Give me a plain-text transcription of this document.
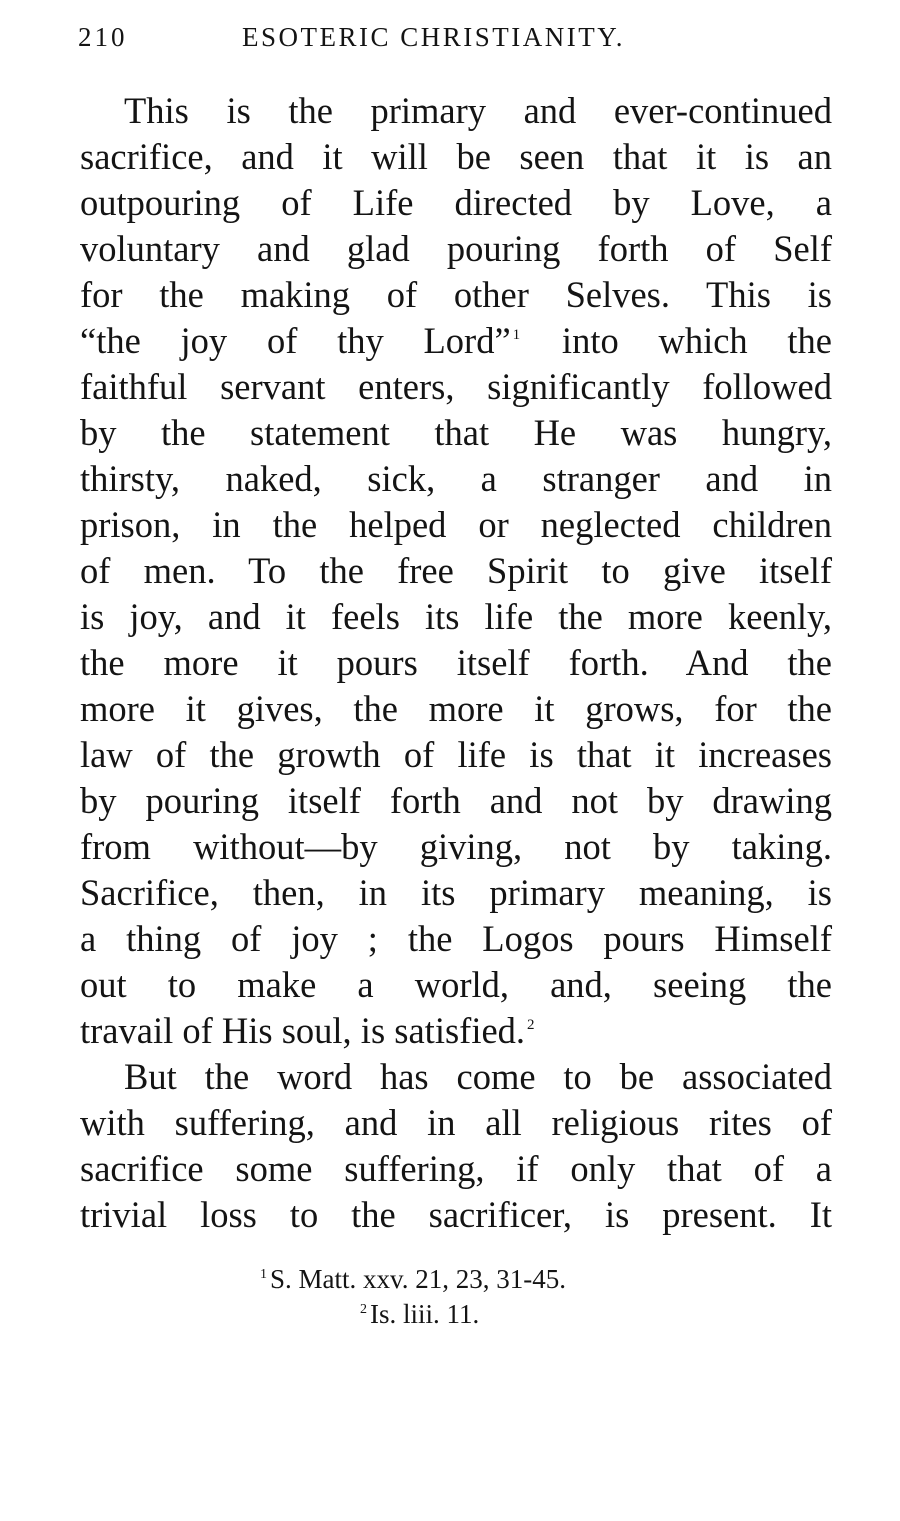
210	ESOTERIC CHRISTIANITY.
This is the primary and ever-continued
sacrifice, and it will be seen that it is an
outpouring of Life directed by Love, a
voluntary and glad pouring forth of Self
for the making of other Selves. This is
“the joy of thy Lord” $^1$ into which the
faithful servant enters, significantly followed
by the statement that He was hungry,
thirsty, naked, sick, a stranger and in
prison, in the helped or neglected children
of men. To the free Spirit to give itself
is joy, and it feels its life the more keenly,
the more it pours itself forth. And the
more it gives, the more it grows, for the
law of the growth of life is that it increases
by pouring itself forth and not by drawing
from without—by giving, not by taking.
Sacrifice, then, in its primary meaning, is
a thing of joy ; the Logos pours Himself
out to make a world, and, seeing the
travail of His soul, is satisfied. $^2$
But the word has come to be associated
with suffering, and in all religious rites of
sacrifice some suffering, if only that of a
trivial loss to the sacrificer, is present. It
$^1$ S. Matt. xxv. 21, 23, 31-45.
$^2$ Is. liii. 11.
